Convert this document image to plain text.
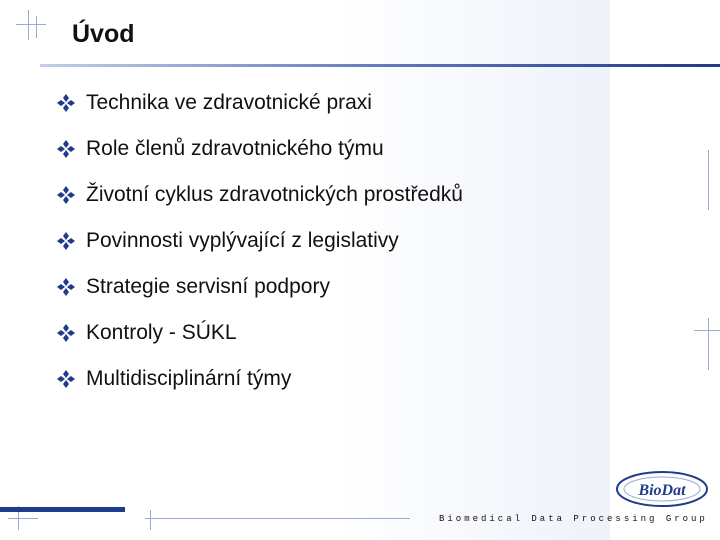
Úvod
Technika ve zdravotnické praxi
Role členů zdravotnického týmu
Životní cyklus zdravotnických prostředků
Povinnosti vyplývající z legislativy
Strategie servisní podpory
Kontroly - SÚKL
Multidisciplinární týmy
BioDat
Biomedical Data Processing Group
